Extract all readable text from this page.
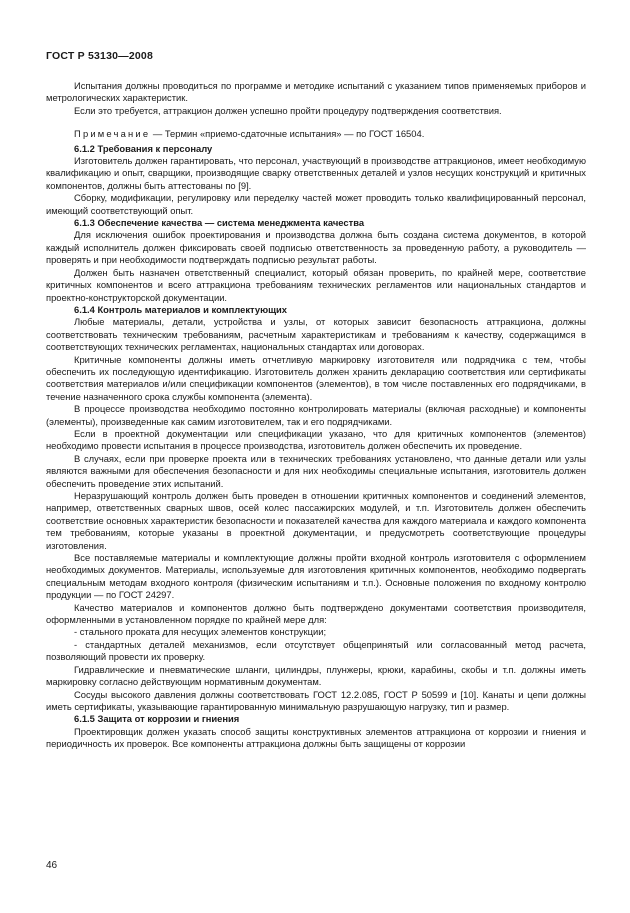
ГОСТ Р 53130—2008

Испытания должны проводиться по программе и методике испытаний с указанием типов применяемых приборов и метрологических характеристик.

Если это требуется, аттракцион должен успешно пройти процедуру подтверждения соответствия.

Примечание — Термин «приемо-сдаточные испытания» — по ГОСТ 16504.

6.1.2 Требования к персоналу

Изготовитель должен гарантировать, что персонал, участвующий в производстве аттракционов, имеет необходимую квалификацию и опыт, сварщики, производящие сварку ответственных деталей и узлов несущих конструкций и критичных компонентов, должны быть аттестованы по [9].

Сборку, модификации, регулировку или переделку частей может проводить только квалифицированный персонал, имеющий соответствующий опыт.

6.1.3 Обеспечение качества — система менеджмента качества

Для исключения ошибок проектирования и производства должна быть создана система документов, в которой каждый исполнитель должен фиксировать своей подписью ответственность за проведенную работу, а руководитель — проверять и при необходимости подтверждать подписью результат работы.

Должен быть назначен ответственный специалист, который обязан проверить, по крайней мере, соответствие критичных компонентов и всего аттракциона требованиям технических регламентов или национальных стандартов и проектно-конструкторской документации.

6.1.4 Контроль материалов и комплектующих

Любые материалы, детали, устройства и узлы, от которых зависит безопасность аттракциона, должны соответствовать техническим требованиям, расчетным характеристикам и требованиям к качеству, содержащимся в соответствующих технических регламентах, национальных стандартах или договорах.

Критичные компоненты должны иметь отчетливую маркировку изготовителя или подрядчика с тем, чтобы обеспечить их последующую идентификацию. Изготовитель должен хранить декларацию соответствия или сертификаты соответствия материалов и/или спецификации компонентов (элементов), в том числе поставленных его подрядчиками, в течение назначенного срока службы компонента (элемента).

В процессе производства необходимо постоянно контролировать материалы (включая расходные) и компоненты (элементы), произведенные как самим изготовителем, так и его подрядчиками.

Если в проектной документации или спецификации указано, что для критичных компонентов (элементов) необходимо провести испытания в процессе производства, изготовитель должен обеспечить их проведение.

В случаях, если при проверке проекта или в технических требованиях установлено, что данные детали или узлы являются важными для обеспечения безопасности и для них необходимы специальные испытания, изготовитель должен обеспечить проведение этих испытаний.

Неразрушающий контроль должен быть проведен в отношении критичных компонентов и соединений элементов, например, ответственных сварных швов, осей колес пассажирских модулей, и т.п. Изготовитель должен обеспечить соответствие основных характеристик безопасности и показателей качества для каждого материала и каждого компонента тем требованиям, которые указаны в проектной документации, и предусмотреть соответствующие процедуры изготовления.

Все поставляемые материалы и комплектующие должны пройти входной контроль изготовителя с оформлением необходимых документов. Материалы, используемые для изготовления критичных компонентов, необходимо подвергать специальным методам входного контроля (физическим испытаниям и т.п.). Основные положения по входному контролю продукции — по ГОСТ 24297.

Качество материалов и компонентов должно быть подтверждено документами соответствия производителя, оформленными в установленном порядке по крайней мере для:

- стального проката для несущих элементов конструкции;

- стандартных деталей механизмов, если отсутствует общепринятый или согласованный метод расчета, позволяющий провести их проверку.

Гидравлические и пневматические шланги, цилиндры, плунжеры, крюки, карабины, скобы и т.п. должны иметь маркировку согласно действующим нормативным документам.

Сосуды высокого давления должны соответствовать ГОСТ 12.2.085, ГОСТ Р 50599 и [10]. Канаты и цепи должны иметь сертификаты, указывающие гарантированную минимальную разрушающую нагрузку, тип и размер.

6.1.5 Защита от коррозии и гниения

Проектировщик должен указать способ защиты конструктивных элементов аттракциона от коррозии и гниения и периодичность их проверок. Все компоненты аттракциона должны быть защищены от коррозии

46
